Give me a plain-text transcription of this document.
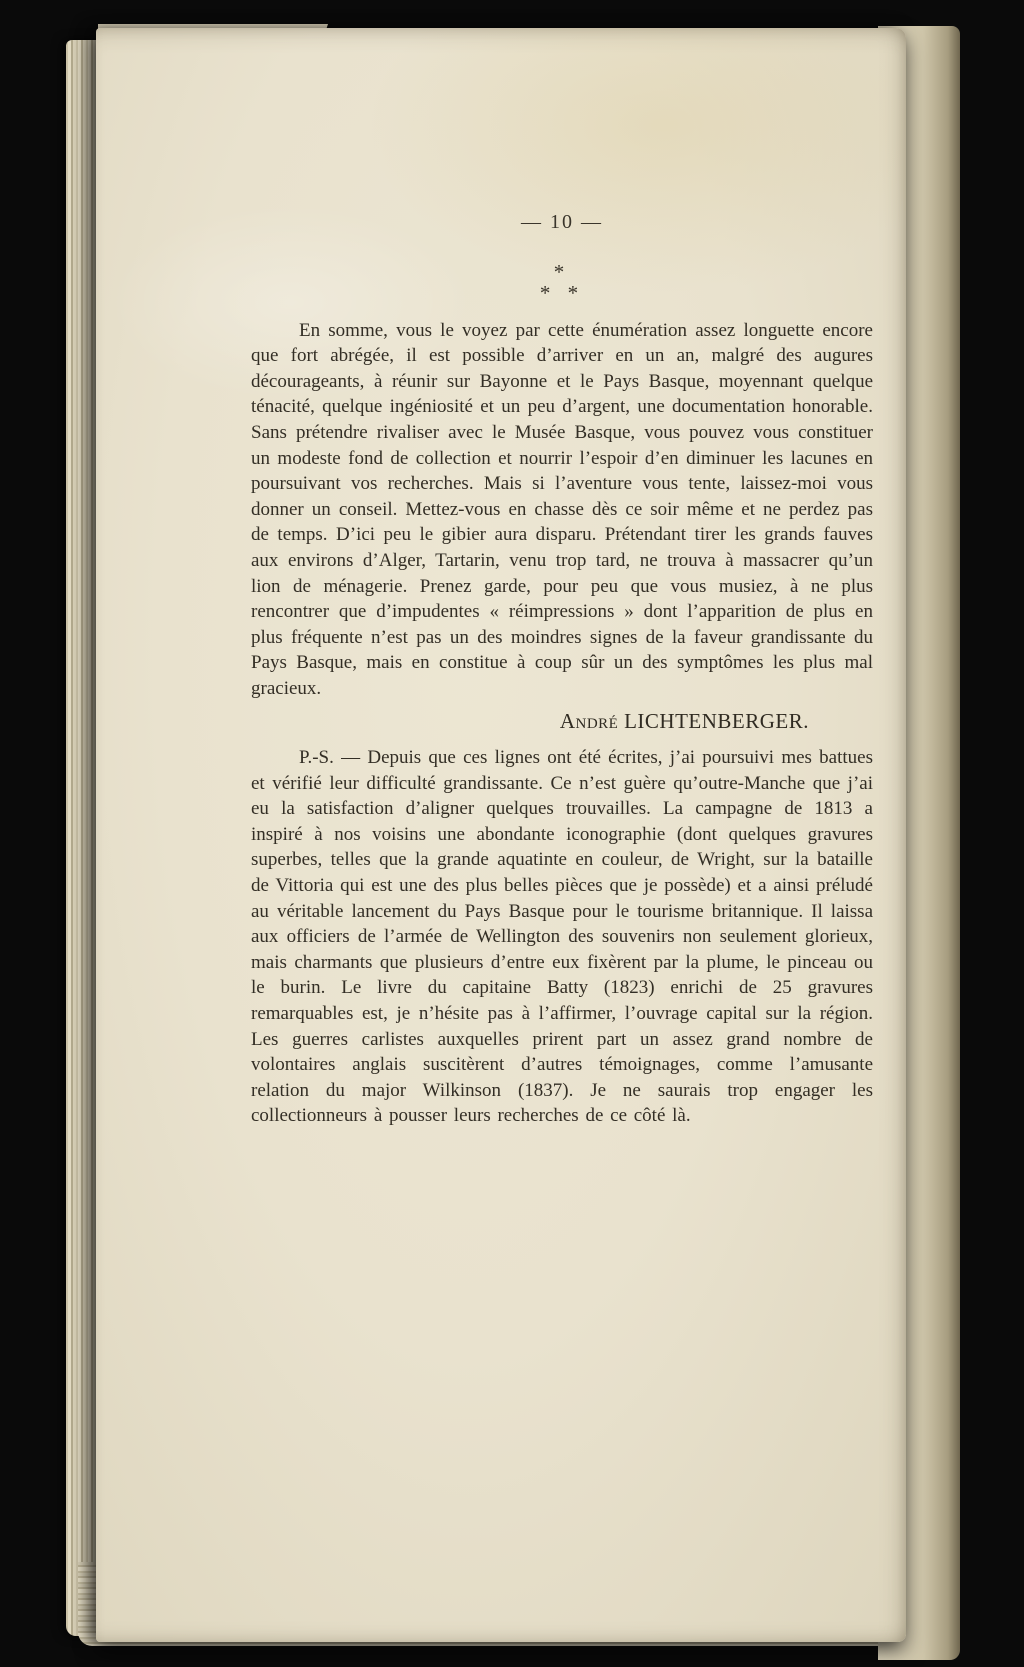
— 10 —
*
* *

En somme, vous le voyez par cette énumération assez longuette encore que fort abrégée, il est possible d’arriver en un an, malgré des augures décourageants, à réunir sur Bayonne et le Pays Basque, moyennant quelque ténacité, quelque ingéniosité et un peu d’argent, une documentation honorable. Sans prétendre rivaliser avec le Musée Basque, vous pouvez vous constituer un modeste fond de collection et nourrir l’espoir d’en diminuer les lacunes en poursuivant vos recherches. Mais si l’aventure vous tente, laissez-moi vous donner un conseil. Mettez-vous en chasse dès ce soir même et ne perdez pas de temps. D’ici peu le gibier aura disparu. Prétendant tirer les grands fauves aux environs d’Alger, Tartarin, venu trop tard, ne trouva à massacrer qu’un lion de ménagerie. Prenez garde, pour peu que vous musiez, à ne plus rencontrer que d’impudentes « réimpressions » dont l’apparition de plus en plus fréquente n’est pas un des moindres signes de la faveur grandissante du Pays Basque, mais en constitue à coup sûr un des symptômes les plus mal gracieux.

André LICHTENBERGER.

P.-S. — Depuis que ces lignes ont été écrites, j’ai poursuivi mes battues et vérifié leur difficulté grandissante. Ce n’est guère qu’outre-Manche que j’ai eu la satisfaction d’aligner quelques trouvailles. La campagne de 1813 a inspiré à nos voisins une abondante iconographie (dont quelques gravures superbes, telles que la grande aquatinte en couleur, de Wright, sur la bataille de Vittoria qui est une des plus belles pièces que je possède) et a ainsi préludé au véritable lancement du Pays Basque pour le tourisme britannique. Il laissa aux officiers de l’armée de Wellington des souvenirs non seulement glorieux, mais charmants que plusieurs d’entre eux fixèrent par la plume, le pinceau ou le burin. Le livre du capitaine Batty (1823) enrichi de 25 gravures remarquables est, je n’hésite pas à l’affirmer, l’ouvrage capital sur la région. Les guerres carlistes auxquelles prirent part un assez grand nombre de volontaires anglais suscitèrent d’autres témoignages, comme l’amusante relation du major Wilkinson (1837). Je ne saurais trop engager les collectionneurs à pousser leurs recherches de ce côté là.
